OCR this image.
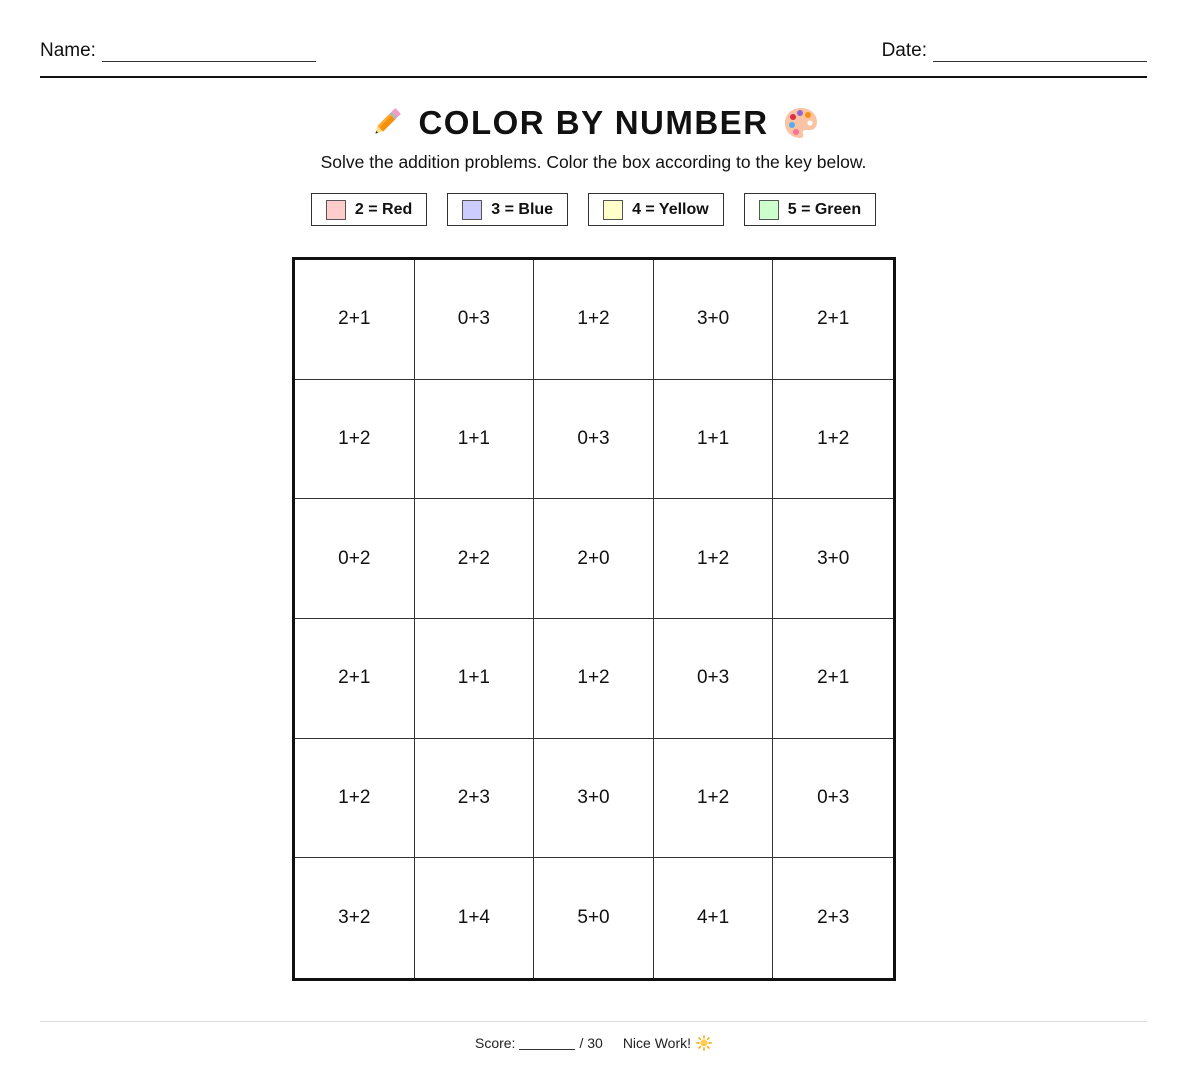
Name:	Date:
COLOR BY NUMBER
Solve the addition problems. Color the box according to the key below.
2 = Red	3 = Blue	4 = Yellow	5 = Green
2+1	0+3	1+2	3+0	2+1
1+2	1+1	0+3	1+1	1+2
0+2	2+2	2+0	1+2	3+0
2+1	1+1	1+2	0+3	2+1
1+2	2+3	3+0	1+2	0+3
3+2	1+4	5+0	4+1	2+3
Score:	/ 30 Nice Work!
